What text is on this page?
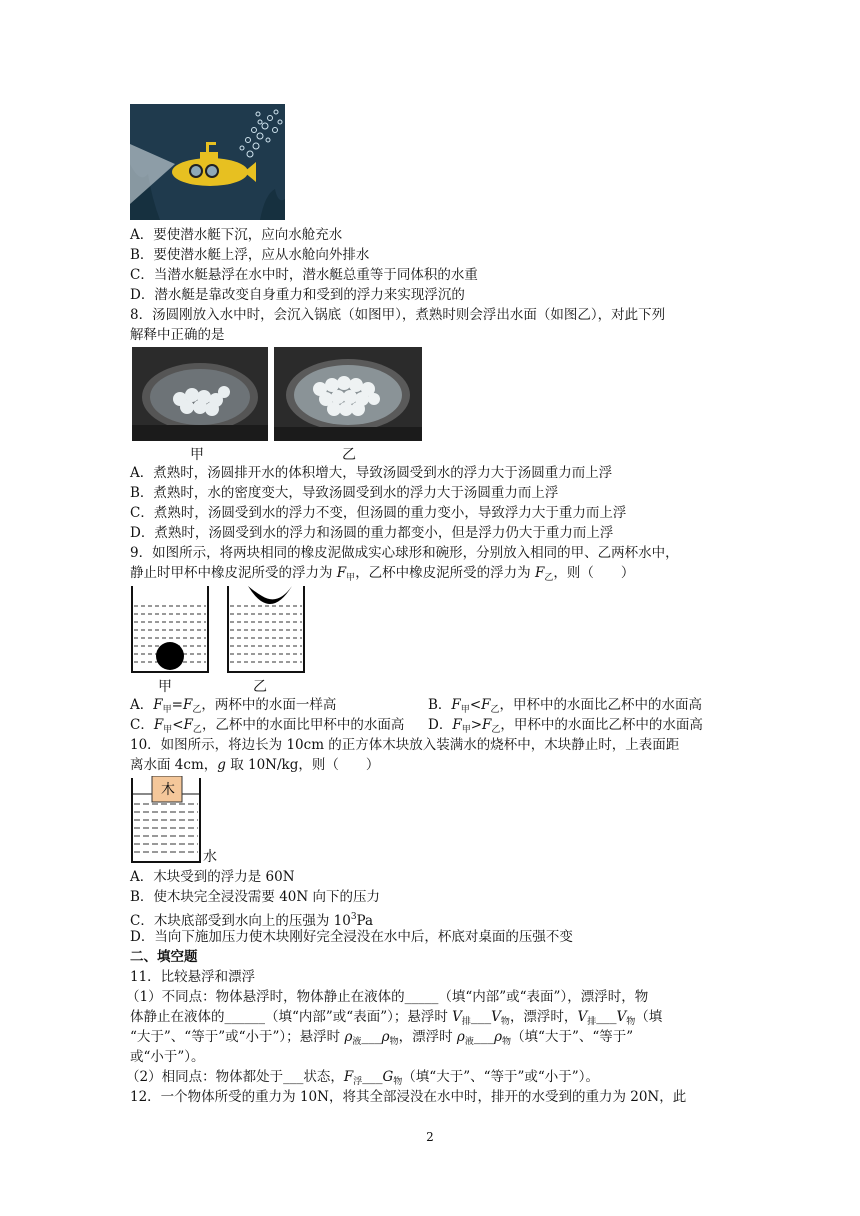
A．要使潜水艇下沉，应向水舱充水
B．要使潜水艇上浮，应从水舱向外排水
C．当潜水艇悬浮在水中时，潜水艇总重等于同体积的水重
D．潜水艇是靠改变自身重力和受到的浮力来实现浮沉的
8．汤圆刚放入水中时，会沉入锅底（如图甲），煮熟时则会浮出水面（如图乙），对此下列
解释中正确的是
甲	乙
A．煮熟时，汤圆排开水的体积增大，导致汤圆受到水的浮力大于汤圆重力而上浮
B．煮熟时，水的密度变大，导致汤圆受到水的浮力大于汤圆重力而上浮
C．煮熟时，汤圆受到水的浮力不变，但汤圆的重力变小，导致浮力大于重力而上浮
D．煮熟时，汤圆受到水的浮力和汤圆的重力都变小，但是浮力仍大于重力而上浮
9．如图所示，将两块相同的橡皮泥做成实心球形和碗形，分别放入相同的甲、乙两杯水中，
静止时甲杯中橡皮泥所受的浮力为 $F_甲$，乙杯中橡皮泥所受的浮力为 $F_乙$，则（　　）
甲	乙
A．$F_甲=F_乙$，两杯中的水面一样高	B．$F_甲<F_乙$，甲杯中的水面比乙杯中的水面高
C．$F_甲<F_乙$，乙杯中的水面比甲杯中的水面高 D．$F_甲>F_乙$，甲杯中的水面比乙杯中的水面高
10．如图所示，将边长为 10cm 的正方体木块放入装满水的烧杯中，木块静止时，上表面距
离水面 4cm，g 取 10N/kg，则（　　）
木
水
A．木块受到的浮力是 60N
B．使木块完全浸没需要 40N 向下的压力
C．木块底部受到水向上的压强为 $10^3Pa$
D．当向下施加压力使木块刚好完全浸没在水中后，杯底对桌面的压强不变
二、填空题
11．比较悬浮和漂浮
（1）不同点：物体悬浮时，物体静止在液体的_____（填“内部”或“表面”），漂浮时，物
体静止在液体的______（填“内部”或“表面”）；悬浮时 $V_排\_\_\_V_物$，漂浮时，$V_排\_\_\_V_物$（填
“大于”、“等于”或“小于”）；悬浮时 $\rho_液\_\_\_\rho_物$，漂浮时 $\rho_液\_\_\_\rho_物$（填“大于”、“等于”
或“小于”）。
（2）相同点：物体都处于___状态，$F_浮\_\_\_G_物$（填“大于”、“等于”或“小于”）。
12．一个物体所受的重力为 10N，将其全部浸没在水中时，排开的水受到的重力为 20N，此
2
